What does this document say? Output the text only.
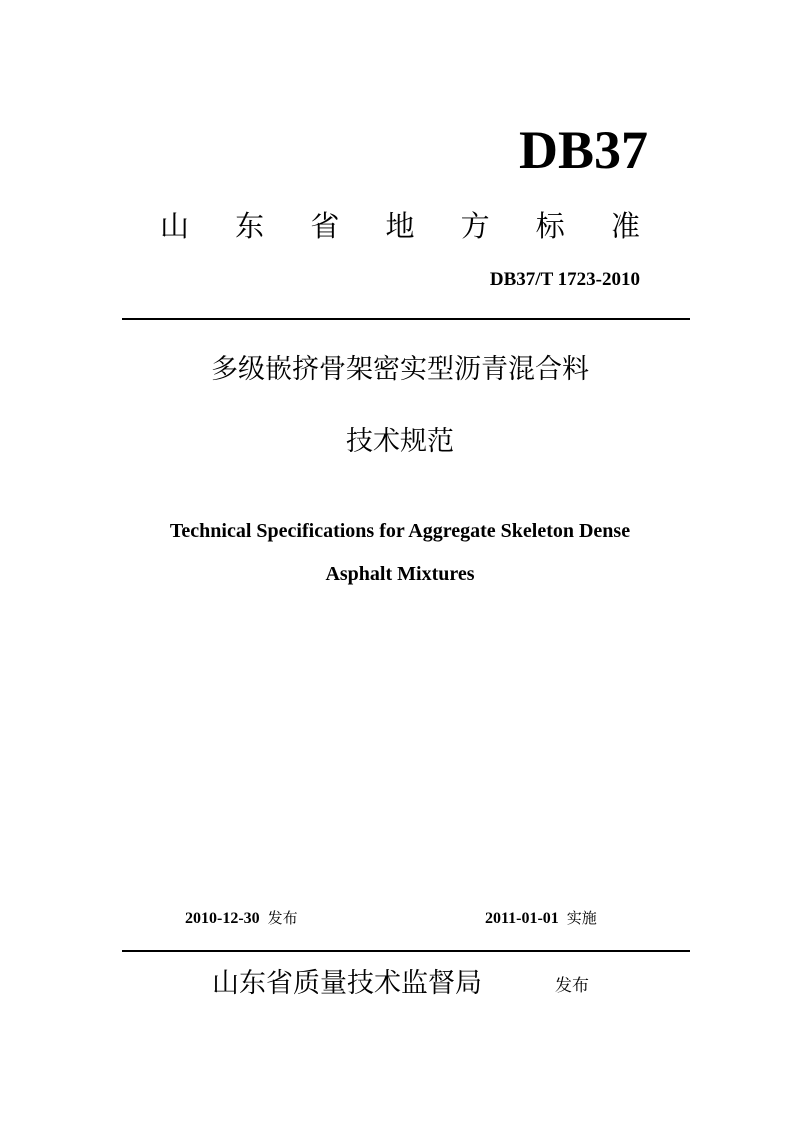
DB37
山 东 省 地 方 标 准
DB37/T 1723-2010
多级嵌挤骨架密实型沥青混合料
技术规范
Technical Specifications for Aggregate Skeleton Dense
Asphalt Mixtures
2010-12-30 发布	2011-01-01 实施
山东省质量技术监督局	发布
